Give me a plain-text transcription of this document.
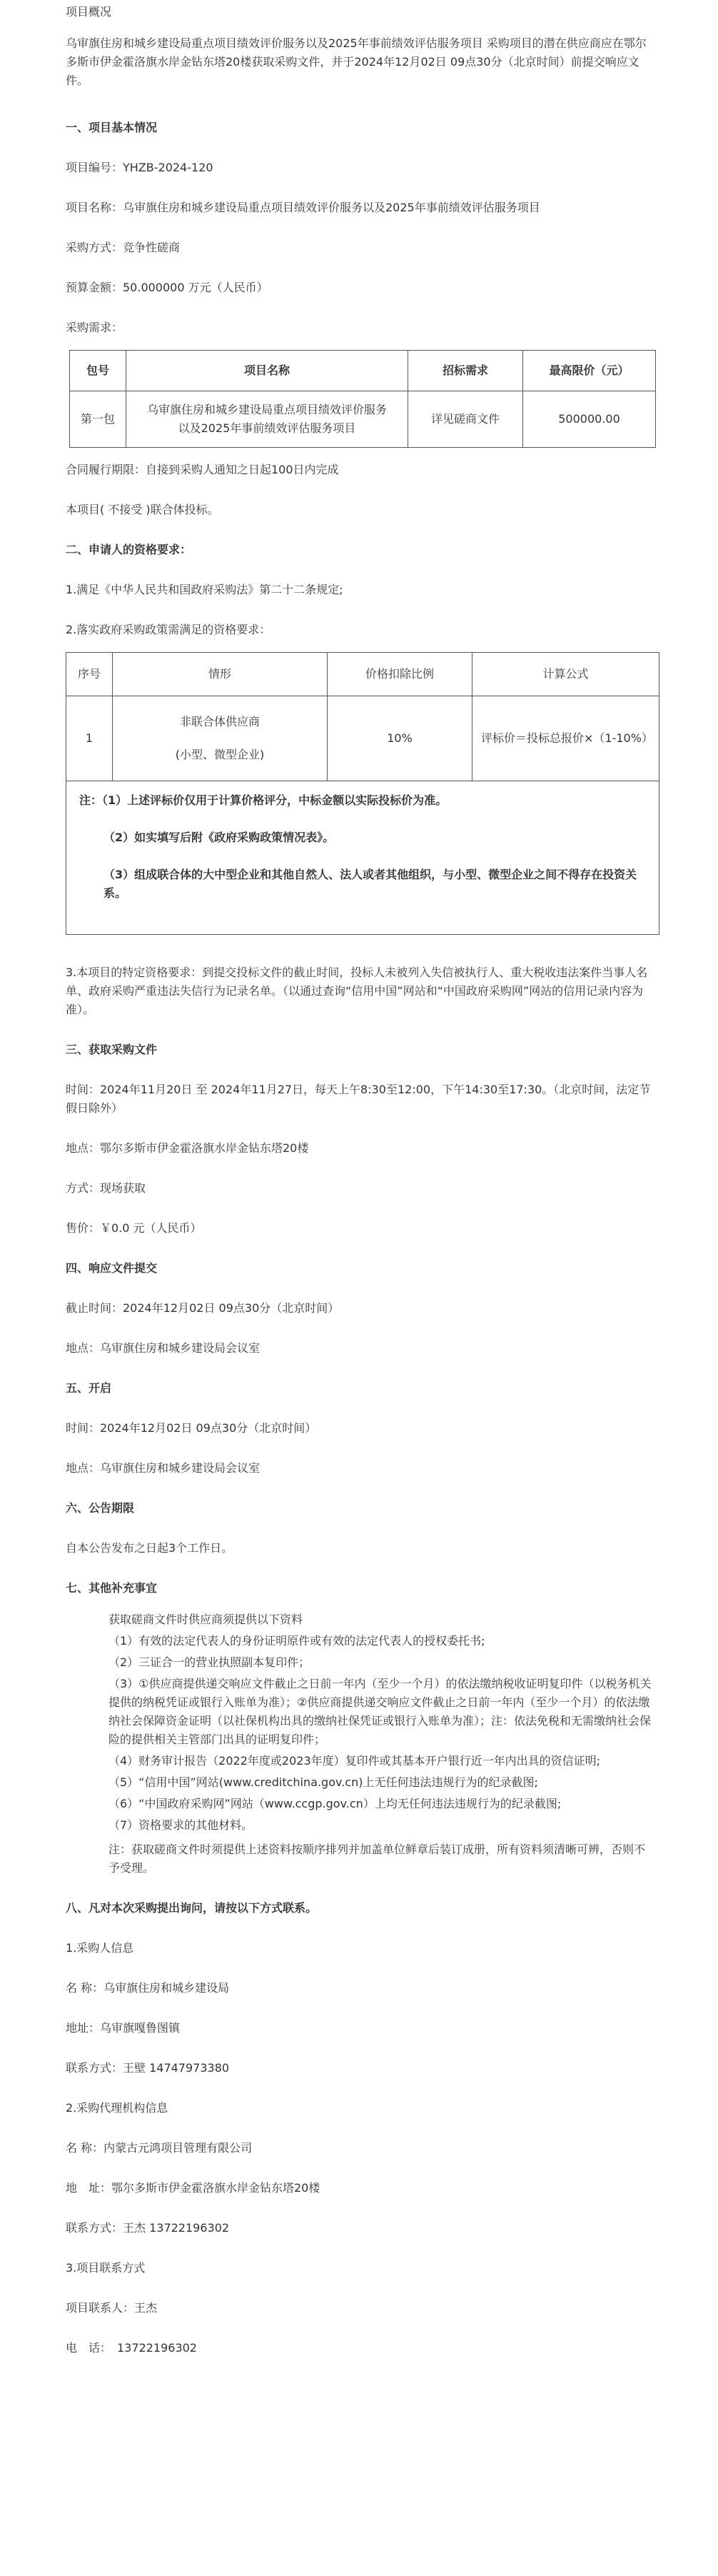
项目概况

乌审旗住房和城乡建设局重点项目绩效评价服务以及2025年事前绩效评估服务项目 采购项目的潜在供应商应在鄂尔多斯市伊金霍洛旗水岸金钻东塔20楼获取采购文件，并于2024年12月02日 09点30分（北京时间）前提交响应文件。

一、项目基本情况

项目编号：YHZB-2024-120

项目名称：乌审旗住房和城乡建设局重点项目绩效评价服务以及2025年事前绩效评估服务项目

采购方式：竞争性磋商

预算金额：50.000000 万元（人民币）

采购需求：

包号	项目名称	招标需求	最高限价（元）
第一包	乌审旗住房和城乡建设局重点项目绩效评价服务以及2025年事前绩效评估服务项目	详见磋商文件	500000.00

合同履行期限：自接到采购人通知之日起100日内完成

本项目( 不接受 )联合体投标。

二、申请人的资格要求：

1.满足《中华人民共和国政府采购法》第二十二条规定;

2.落实政府采购政策需满足的资格要求：

序号	情形	价格扣除比例	计算公式
1	非联合体供应商
(小型、微型企业)	10%	评标价＝投标总报价×（1-10%）

注：（1）上述评标价仅用于计算价格评分，中标金额以实际投标价为准。

（2）如实填写后附《政府采购政策情况表》。

（3）组成联合体的大中型企业和其他自然人、法人或者其他组织，与小型、微型企业之间不得存在投资关系。			

3.本项目的特定资格要求：到提交投标文件的截止时间，投标人未被列入失信被执行人、重大税收违法案件当事人名单、政府采购严重违法失信行为记录名单。（以通过查询“信用中国”网站和“中国政府采购网”网站的信用记录内容为准）。

三、获取采购文件

时间：2024年11月20日 至 2024年11月27日，每天上午8:30至12:00，下午14:30至17:30。（北京时间，法定节假日除外）

地点：鄂尔多斯市伊金霍洛旗水岸金钻东塔20楼

方式：现场获取

售价：￥0.0 元（人民币）

四、响应文件提交

截止时间：2024年12月02日 09点30分（北京时间）

地点：乌审旗住房和城乡建设局会议室

五、开启

时间：2024年12月02日 09点30分（北京时间）

地点：乌审旗住房和城乡建设局会议室

六、公告期限

自本公告发布之日起3个工作日。

七、其他补充事宜

获取磋商文件时供应商须提供以下资料

（1）有效的法定代表人的身份证明原件或有效的法定代表人的授权委托书;

（2）三证合一的营业执照副本复印件；

（3）①供应商提供递交响应文件截止之日前一年内（至少一个月）的依法缴纳税收证明复印件（以税务机关提供的纳税凭证或银行入账单为准）；②供应商提供递交响应文件截止之日前一年内（至少一个月）的依法缴纳社会保障资金证明（以社保机构出具的缴纳社保凭证或银行入账单为准）；注：依法免税和无需缴纳社会保险的提供相关主管部门出具的证明复印件；

（4）财务审计报告（2022年度或2023年度）复印件或其基本开户银行近一年内出具的资信证明;

（5）“信用中国”网站(www.creditchina.gov.cn)上无任何违法违规行为的纪录截图;

（6）“中国政府采购网”网站（www.ccgp.gov.cn）上均无任何违法违规行为的纪录截图;

（7）资格要求的其他材料。

注：获取磋商文件时须提供上述资料按顺序排列并加盖单位鲜章后装订成册，所有资料须清晰可辨，否则不予受理。

八、凡对本次采购提出询问，请按以下方式联系。

1.采购人信息

名 称：乌审旗住房和城乡建设局

地址：乌审旗嘎鲁图镇

联系方式：王壁 14747973380

2.采购代理机构信息

名 称：内蒙古元鸿项目管理有限公司

地　址：鄂尔多斯市伊金霍洛旗水岸金钻东塔20楼

联系方式：王杰 13722196302

3.项目联系方式

项目联系人：王杰

电　话：　13722196302
